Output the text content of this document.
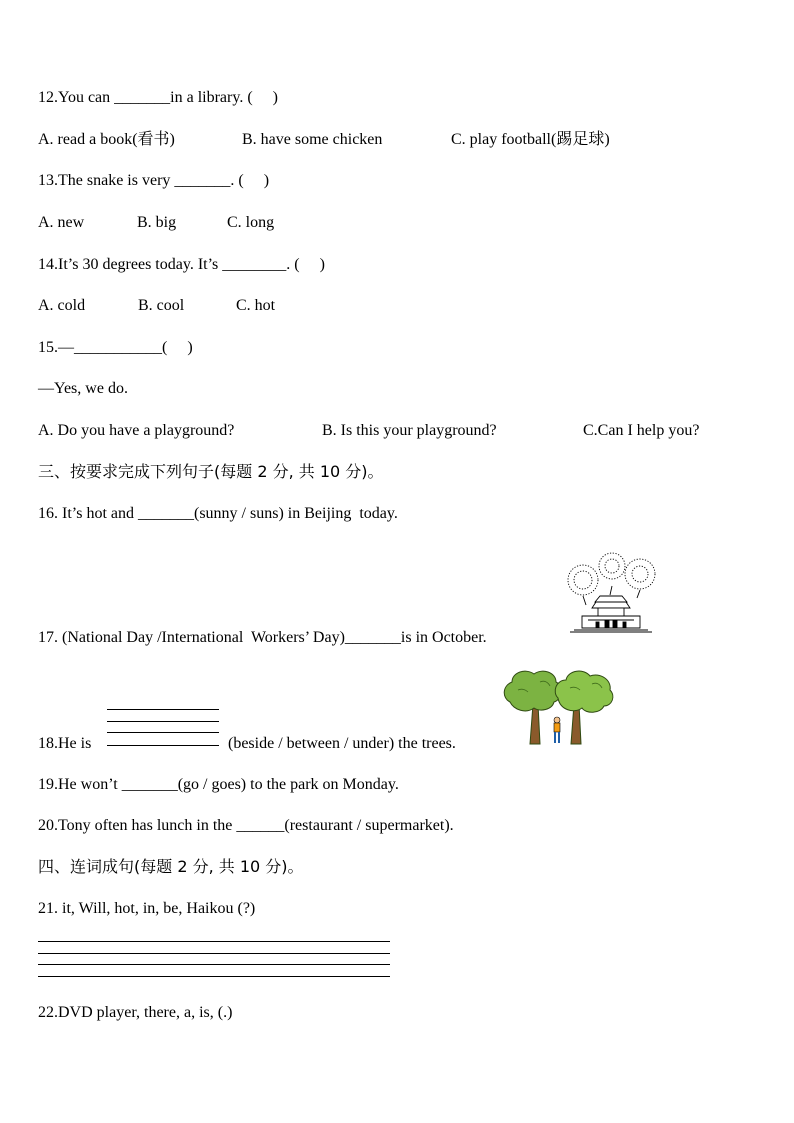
12.You can _______in a library. (     )
A. read a book(看书)	B. have some chicken	C. play football(踢足球)
13.The snake is very _______. (     )
A. new	B. big	C. long
14.It’s 30 degrees today. It’s ________. (     )
A. cold	B. cool	C. hot
15.—___________(     )
—Yes, we do.
A. Do you have a playground?	B. Is this your playground?	C.Can I help you?
三、按要求完成下列句子(每题 2 分, 共 10 分)。
16. It’s hot and _______(sunny / suns) in Beijing  today.
17. (National Day /International  Workers’ Day)_______is in October.
18.He is	(beside / between / under) the trees.
19.He won’t _______(go / goes) to the park on Monday.
20.Tony often has lunch in the ______(restaurant / supermarket).
四、连词成句(每题 2 分, 共 10 分)。
21. it, Will, hot, in, be, Haikou (?)
22.DVD player, there, a, is, (.)
